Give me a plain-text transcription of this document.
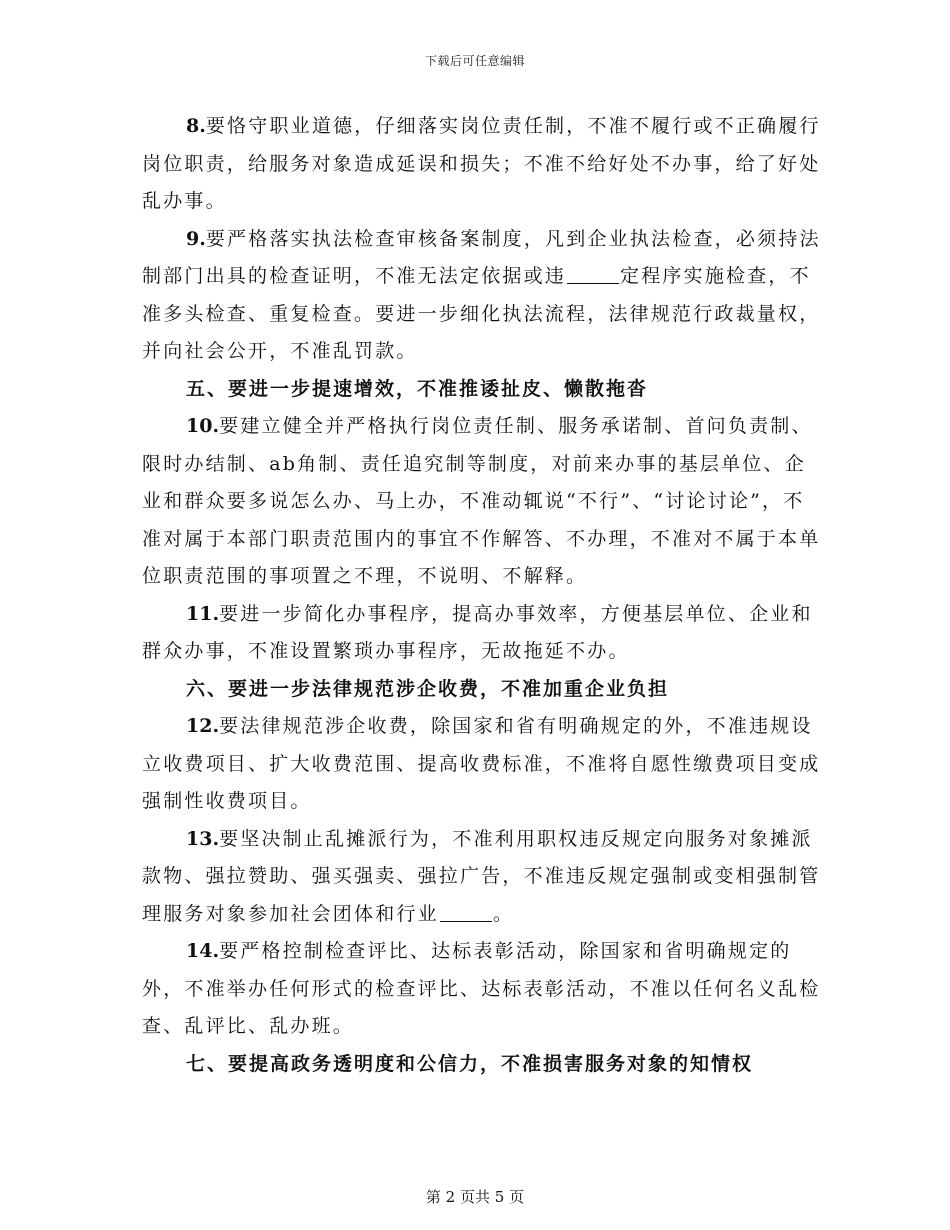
下载后可任意编辑

8.要恪守职业道德，仔细落实岗位责任制，不准不履行或不正确履行岗位职责，给服务对象造成延误和损失；不准不给好处不办事，给了好处乱办事。

9.要严格落实执法检查审核备案制度，凡到企业执法检查，必须持法制部门出具的检查证明，不准无法定依据或违	定程序实施检查，不准多头检查、重复检查。要进一步细化执法流程，法律规范行政裁量权，并向社会公开，不准乱罚款。

五、要进一步提速增效，不准推诿扯皮、懒散拖沓

10.要建立健全并严格执行岗位责任制、服务承诺制、首问负责制、限时办结制、ab角制、责任追究制等制度，对前来办事的基层单位、企业和群众要多说怎么办、马上办，不准动辄说“不行”、“讨论讨论”，不准对属于本部门职责范围内的事宜不作解答、不办理，不准对不属于本单位职责范围的事项置之不理，不说明、不解释。

11.要进一步简化办事程序，提高办事效率，方便基层单位、企业和群众办事，不准设置繁琐办事程序，无故拖延不办。

六、要进一步法律规范涉企收费，不准加重企业负担

12.要法律规范涉企收费，除国家和省有明确规定的外，不准违规设立收费项目、扩大收费范围、提高收费标准，不准将自愿性缴费项目变成强制性收费项目。

13.要坚决制止乱摊派行为，不准利用职权违反规定向服务对象摊派款物、强拉赞助、强买强卖、强拉广告，不准违反规定强制或变相强制管理服务对象参加社会团体和行业	。

14.要严格控制检查评比、达标表彰活动，除国家和省明确规定的外，不准举办任何形式的检查评比、达标表彰活动，不准以任何名义乱检查、乱评比、乱办班。

七、要提高政务透明度和公信力，不准损害服务对象的知情权

第 2 页共 5 页
